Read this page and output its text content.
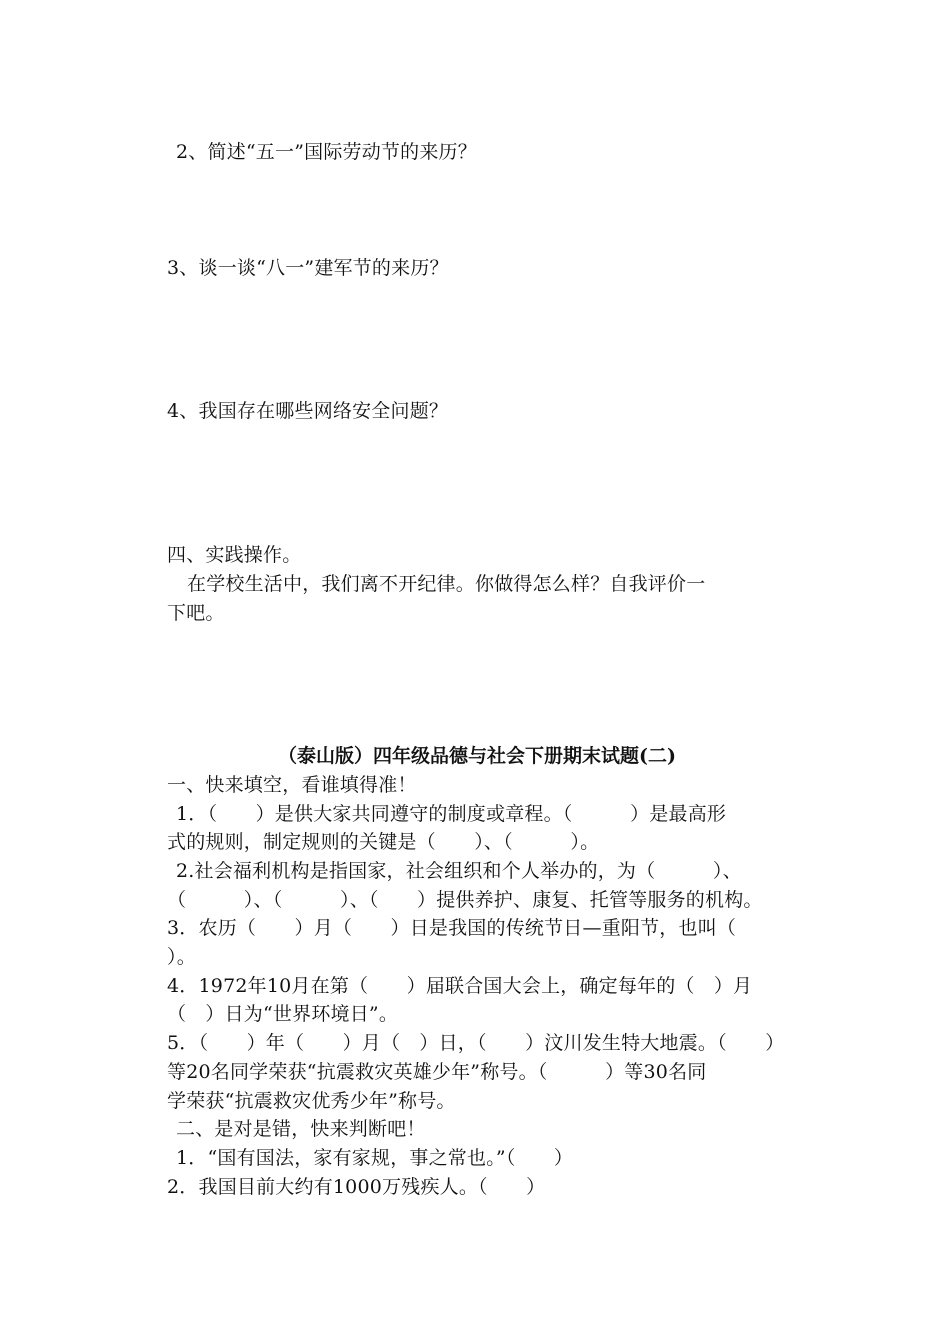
2、简述“五一”国际劳动节的来历？
3、谈一谈“八一”建军节的来历？
4、我国存在哪些网络安全问题？
四、实践操作。
在学校生活中，我们离不开纪律。你做得怎么样？自我评价一
下吧。
（泰山版）四年级品德与社会下册期末试题(二)
一、快来填空，看谁填得准！
1．（　　）是供大家共同遵守的制度或章程。（　　　）是最高形
式的规则，制定规则的关键是（　　）、（　　　）。
2.社会福利机构是指国家，社会组织和个人举办的，为（　　　）、
（　　　）、（　　　）、（　　）提供养护、康复、托管等服务的机构。
3．农历（　　）月（　　）日是我国的传统节日—重阳节，也叫（
）。
4．1972年10月在第（　　）届联合国大会上，确定每年的（　）月
（　）日为“世界环境日”。
5．（　　）年（　　）月（　）日，（　　）汶川发生特大地震。（　　）
等20名同学荣获“抗震救灾英雄少年”称号。（　　　）等30名同
学荣获“抗震救灾优秀少年”称号。
二、是对是错，快来判断吧！
1．“国有国法，家有家规，事之常也。”（　　）
2．我国目前大约有1000万残疾人。（　　）
